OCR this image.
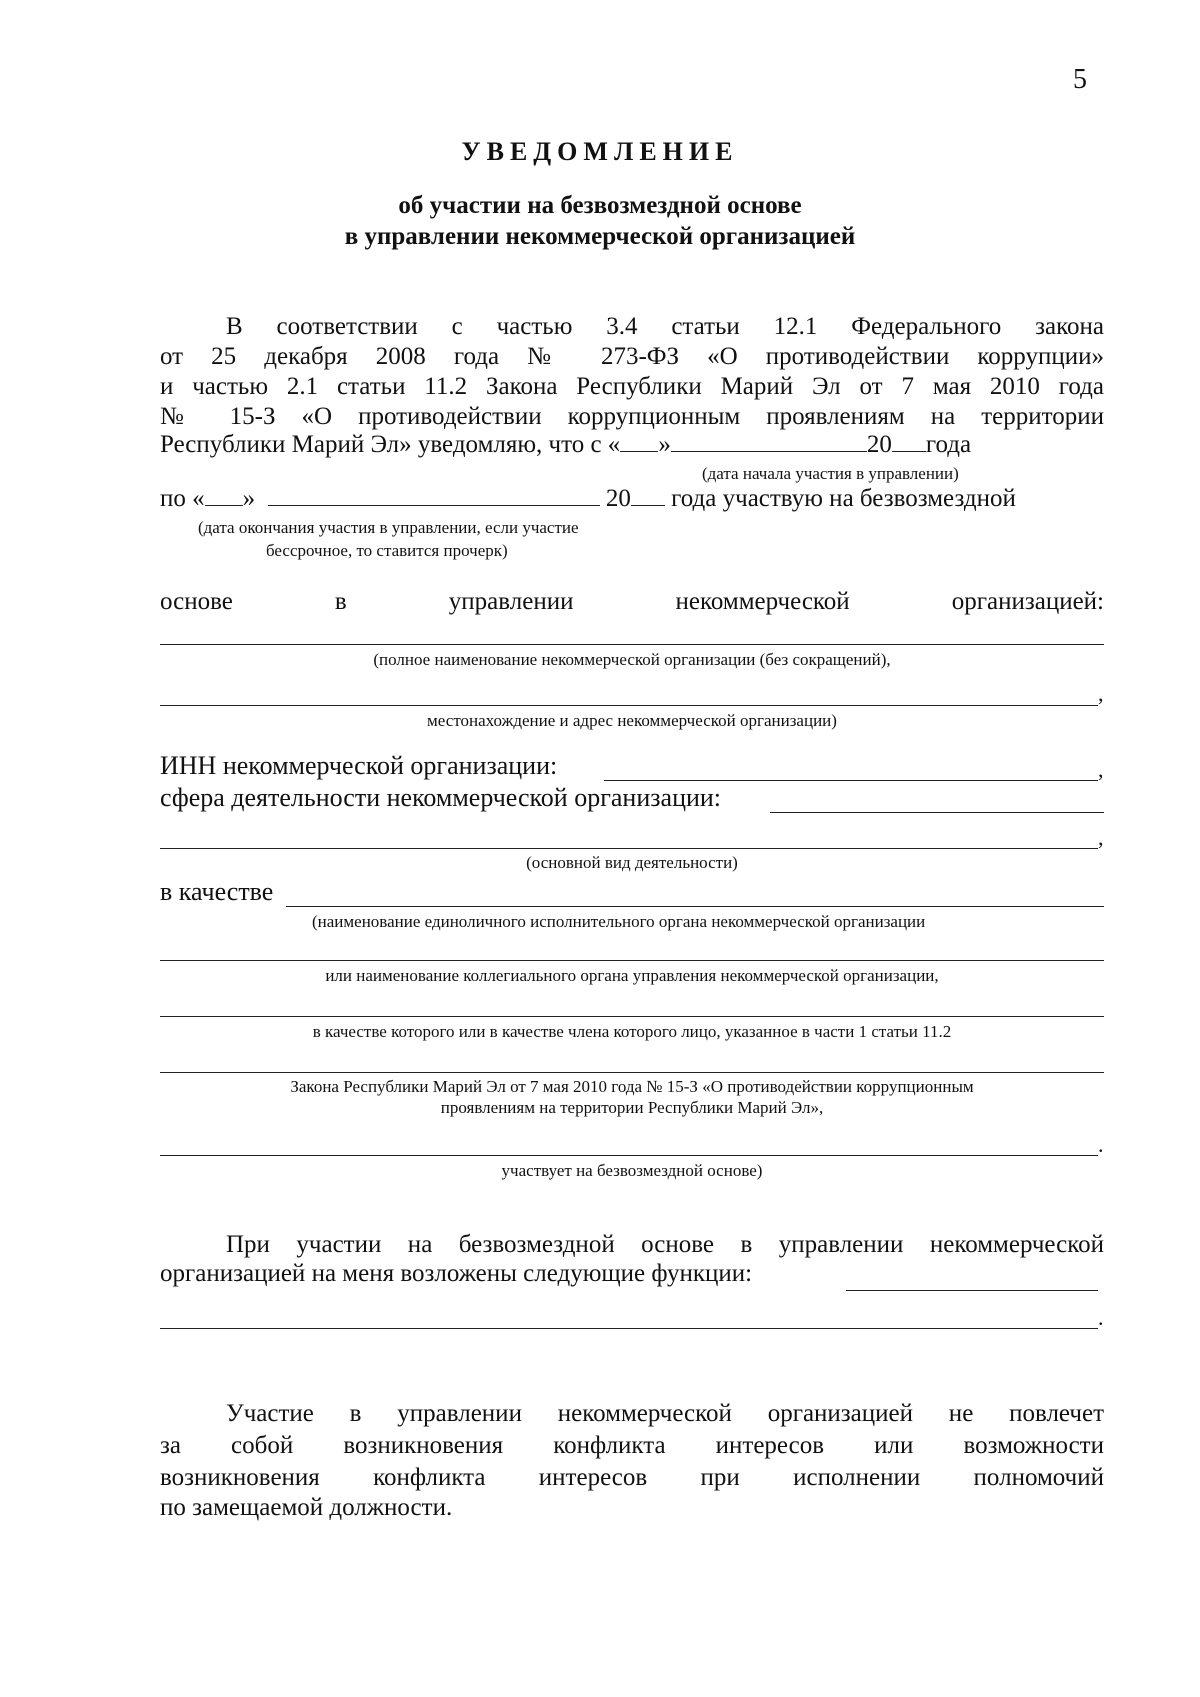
5
УВЕДОМЛЕНИЕ
об участии на безвозмездной основе
в управлении некоммерческой организацией
В соответствии с частью 3.4 статьи 12.1 Федерального закона
от 25 декабря 2008 года № 273-ФЗ «О противодействии коррупции»
и частью 2.1 статьи 11.2 Закона Республики Марий Эл от 7 мая 2010 года
№ 15-З «О противодействии коррупционным проявлениям на территории
Республики Марий Эл» уведомляю, что с « »	20 года
(дата начала участия в управлении)
по « »	20 года участвую на безвозмездной
(дата окончания участия в управлении, если участие
бессрочное, то ставится прочерк)
основе	в	управлении	некоммерческой	организацией:
(полное наименование некоммерческой организации (без сокращений),
,
местонахождение и адрес некоммерческой организации)
ИНН некоммерческой организации:	,
сфера деятельности некоммерческой организации:
,
(основной вид деятельности)
в качестве
(наименование единоличного исполнительного органа некоммерческой организации
или наименование коллегиального органа управления некоммерческой организации,
в качестве которого или в качестве члена которого лицо, указанное в части 1 статьи 11.2
Закона Республики Марий Эл от 7 мая 2010 года № 15-З «О противодействии коррупционным
проявлениям на территории Республики Марий Эл»,
.
участвует на безвозмездной основе)
При участии на безвозмездной основе в управлении некоммерческой
организацией на меня возложены следующие функции:
.
Участие в управлении некоммерческой организацией не повлечет
за собой возникновения конфликта интересов или возможности
возникновения конфликта интересов при исполнении полномочий
по замещаемой должности.
